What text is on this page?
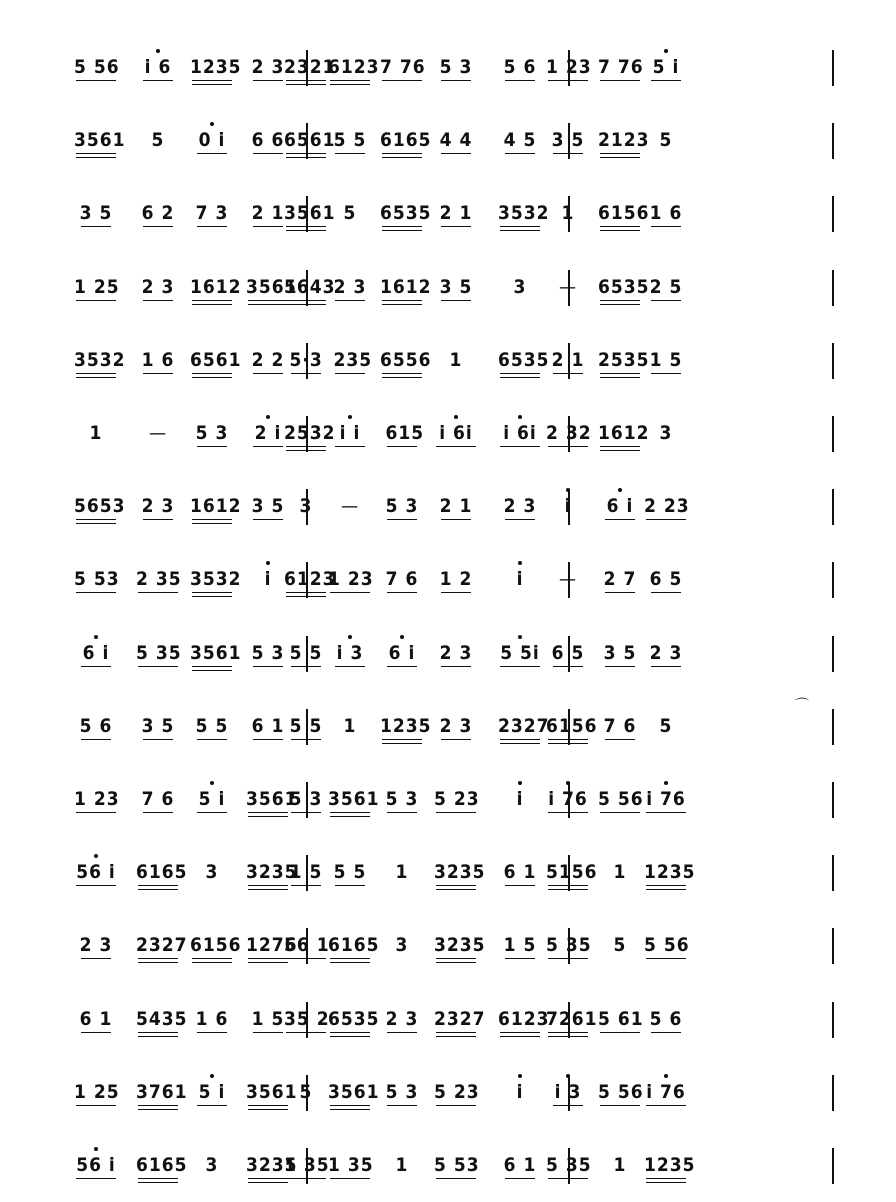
5 56 i 6 1235 2 3 2321
6123 7 76 5 3 5 6 1 23 7 76 5 i
3561	5	0 i 6 6 6561
5 5 6165 4 4 4 5 3 5 2123 5
3 5 6 2 7 3 2 1 3561 5	6535 2 1 3532 1	6156 1 6
1 25 2 3 1612 3561
5643
2 3 1612 3 5	3	— 6535 2 5
3532 1 6 6561 2 2 5·3 235 6556 1	6535 2 1 2535 1 5
1	— 5 3 2 i 2532 i i	615 i 6i i 6i 2 32 1612 3
5653 2 3 1612 3 5 3	— 5 3 2 1 2 3	i	6 i 2 23
5 53 2 35 3532	i 6123
1 23 7 6 1 2	i	— 2 7 6 5
6 i 5 35 3561 5 3 5 5 i 3 6 i 2 3 5 5i 6 5 3 5 2 3
5 6 3 5 5 5 6 1 5 5	1	1235 2 3 2327
6156 7 6	5
⌒
1 23 7 6 5 i 3561
5 3 3561 5 3 5 23	i	i 76 5 56 i 76
56 i 6165 3	3235
1 5 5 5	1	3235 6 1 5156 1 1235
2 3 2327 6156 1276
56 1
6165 3	3235 1 5 5 35	5 5 56
6 1 5435 1 6 1 5 35 2
6535 2 3 2327 6123
7261 5 61 5 6
1 25 3761 5 i 3561 5 3561 5 3 5 23	i	i 3 5 56 i 76
56 i 6165 3	3235
1 35
1 35	1	5 53 6 1 5 35	1 1235
